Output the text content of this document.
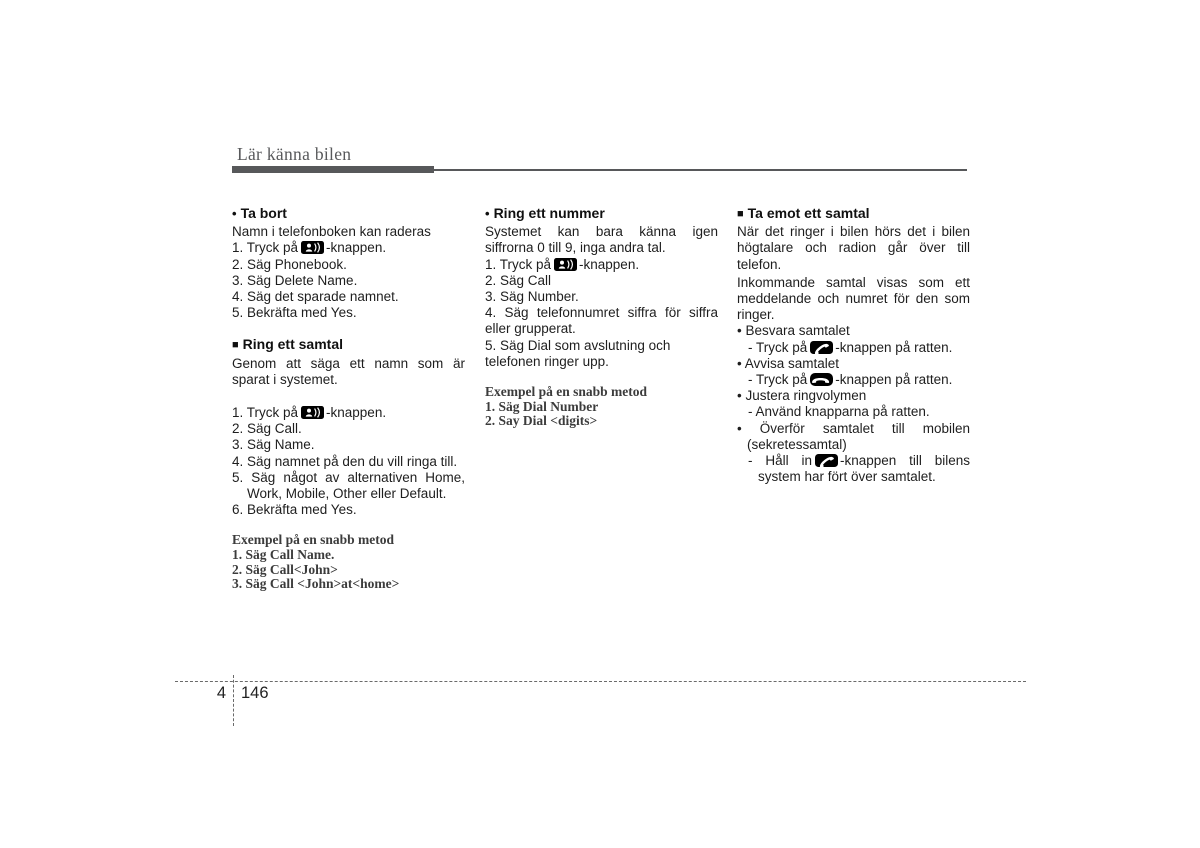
Lär känna bilen
• Ta bort
Namn i telefonboken kan raderas
1. Tryck på -knappen.
2. Säg Phonebook.
3. Säg Delete Name.
4. Säg det sparade namnet.
5. Bekräfta med Yes.
■ Ring ett samtal
Genom att säga ett namn som är sparat i systemet.
1. Tryck på -knappen.
2. Säg Call.
3. Säg Name.
4. Säg namnet på den du vill ringa till.
5. Säg något av alternativen Home, Work, Mobile, Other eller Default.
6. Bekräfta med Yes.
Exempel på en snabb metod
1. Säg Call Name.
2. Säg Call<John>
3. Säg Call <John>at<home>
• Ring ett nummer
Systemet kan bara känna igen siffrorna 0 till 9, inga andra tal.
1. Tryck på -knappen.
2. Säg Call
3. Säg Number.
4. Säg telefonnumret siffra för siffra eller grupperat.
5. Säg Dial som avslutning och telefonen ringer upp.
Exempel på en snabb metod
1. Säg Dial Number
2. Say Dial <digits>
■ Ta emot ett samtal
När det ringer i bilen hörs det i bilen högtalare och radion går över till telefon.
Inkommande samtal visas som ett meddelande och numret för den som ringer.
• Besvara samtalet
- Tryck på -knappen på ratten.
• Avvisa samtalet
- Tryck på -knappen på ratten.
• Justera ringvolymen
- Använd knapparna på ratten.
• Överför samtalet till mobilen (sekretessamtal)
- Håll in -knappen till bilens system har fört över samtalet.
4 146
